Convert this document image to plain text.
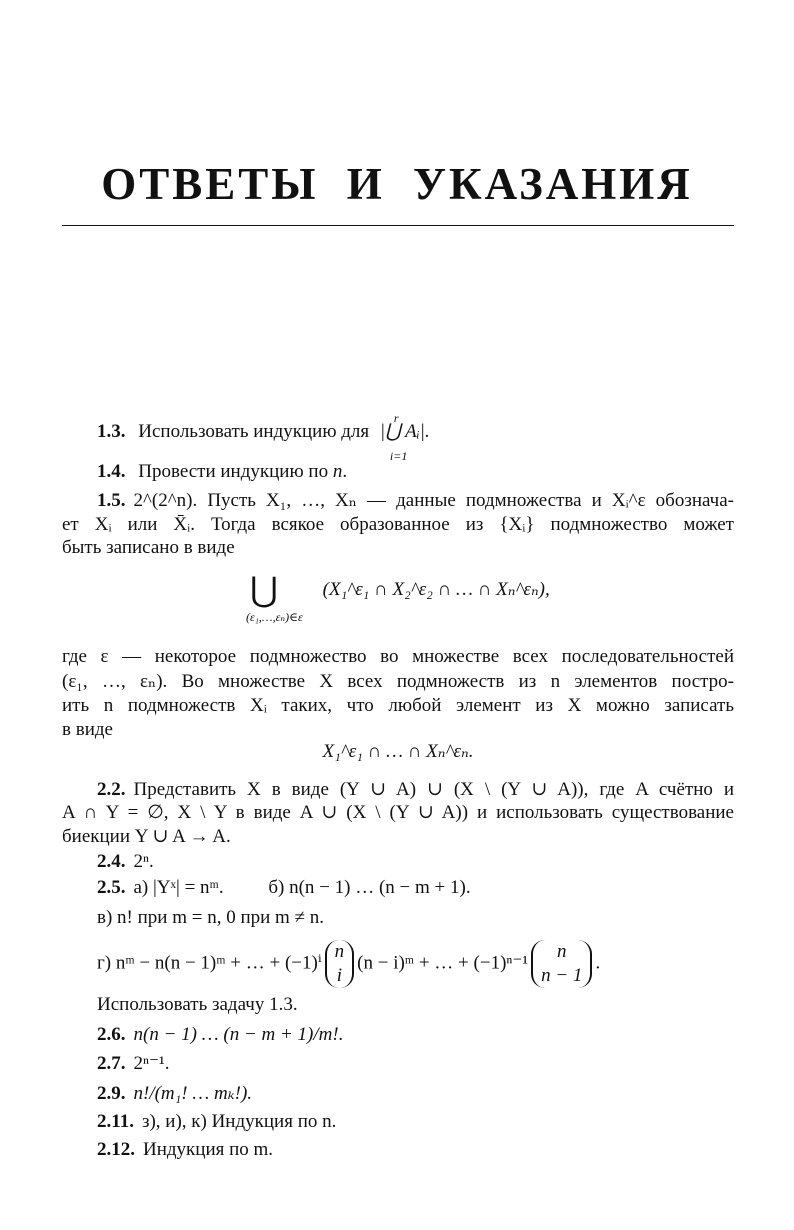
ОТВЕТЫ И УКАЗАНИЯ
1.3. Использовать индукцию для
r
|⋃ Aᵢ|.
i=1
1.4. Провести индукцию по n.
1.5. 2^(2^n). Пусть X₁, …, Xₙ — данные подмножества и Xᵢ^ε обознача-
ет Xᵢ или X̄ᵢ. Тогда всякое образованное из {Xᵢ} подмножество может
быть записано в виде
⋃ (X₁^ε₁ ∩ X₂^ε₂ ∩ … ∩ Xₙ^εₙ),
(ε₁,…,εₙ)∈ε
где ε — некоторое подмножество во множестве всех последовательностей
(ε₁, …, εₙ). Во множестве X всех подмножеств из n элементов постро-
ить n подмножеств Xᵢ таких, что любой элемент из X можно записать
в виде
X₁^ε₁ ∩ … ∩ Xₙ^εₙ.
2.2. Представить X в виде (Y ∪ A) ∪ (X \ (Y ∪ A)), где A счётно и
A ∩ Y = ∅, X \ Y в виде A ∪ (X \ (Y ∪ A)) и использовать существование
биекции Y ∪ A → A.
2.4. 2ⁿ.
2.5. а) |Yˣ| = nᵐ. б) n(n − 1) … (n − m + 1).
в) n! при m = n, 0 при m ≠ n.
г) nᵐ − n(n − 1)ᵐ + … + (−1)ⁱn
i(n − i)ᵐ + … + (−1)ⁿ⁻¹n
n − 1.
Использовать задачу 1.3.
2.6. n(n − 1) … (n − m + 1)/m!.
2.7. 2ⁿ⁻¹.
2.9. n!/(m₁! … mₖ!).
2.11. з), и), к) Индукция по n.
2.12. Индукция по m.
